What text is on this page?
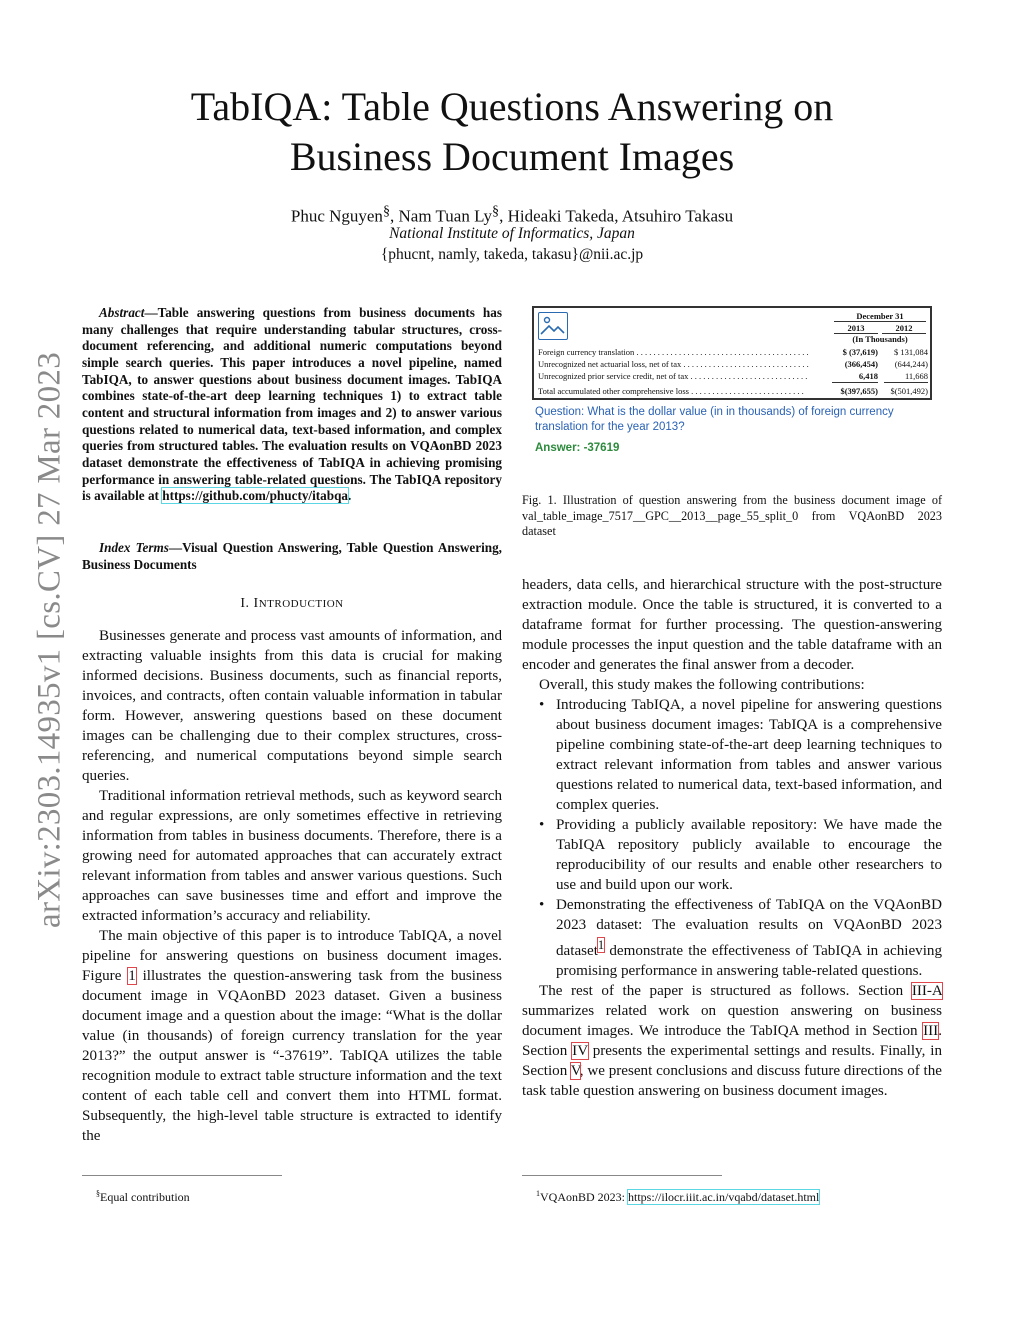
arXiv:2303.14935v1 [cs.CV] 27 Mar 2023
TabIQA: Table Questions Answering on
Business Document Images
Phuc Nguyen§, Nam Tuan Ly§, Hideaki Takeda, Atsuhiro Takasu
National Institute of Informatics, Japan
{phucnt, namly, takeda, takasu}@nii.ac.jp
Abstract—Table answering questions from business documents has many challenges that require understanding tabular structures, cross-document referencing, and additional numeric computations beyond simple search queries. This paper introduces a novel pipeline, named TabIQA, to answer questions about business document images. TabIQA combines state-of-the-art deep learning techniques 1) to extract table content and structural information from images and 2) to answer various questions related to numerical data, text-based information, and complex queries from structured tables. The evaluation results on VQAonBD 2023 dataset demonstrate the effectiveness of TabIQA in achieving promising performance in answering table-related questions. The TabIQA repository is available at https://github.com/phucty/itabqa.
Index Terms—Visual Question Answering, Table Question Answering, Business Documents
I. INTRODUCTION

Businesses generate and process vast amounts of information, and extracting valuable insights from this data is crucial for making informed decisions. Business documents, such as financial reports, invoices, and contracts, often contain valuable information in tabular form. However, answering questions based on these document images can be challenging due to their complex structures, cross-referencing, and numerical computations beyond simple search queries.

Traditional information retrieval methods, such as keyword search and regular expressions, are only sometimes effective in retrieving information from tables in business documents. Therefore, there is a growing need for automated approaches that can accurately extract relevant information from tables and answer various questions. Such approaches can save businesses time and effort and improve the extracted information’s accuracy and reliability.

The main objective of this paper is to introduce TabIQA, a novel pipeline for answering questions on business document images. Figure 1 illustrates the question-answering task from the business document image in VQAonBD 2023 dataset. Given a business document image and a question about the image: “What is the dollar value (in thousands) of foreign currency translation for the year 2013?” the output answer is “-37619”. TabIQA utilizes the table recognition module to extract table structure information and the text content of each table cell and convert them into HTML format. Subsequently, the high-level table structure is extracted to identify the

§Equal contribution
December 31
2013	2012
(In Thousands)
Foreign currency translation . . . . . . . . . . . . . . . . . . . . . . . . . . . . . . . . . . . . . . . . .	$ (37,619)	$ 131,084
Unrecognized net actuarial loss, net of tax . . . . . . . . . . . . . . . . . . . . . . . . . . . . . .	(366,454)	(644,244)
Unrecognized prior service credit, net of tax . . . . . . . . . . . . . . . . . . . . . . . . . . . .	6,418	11,668
Total accumulated other comprehensive loss . . . . . . . . . . . . . . . . . . . . . . . . . . .	$(397,655)	$(501,492)
Question: What is the dollar value (in in thousands) of foreign currency translation for the year 2013?
Answer: -37619
Fig. 1. Illustration of question answering from the business document image of val_table_image_7517__GPC__2013__page_55_split_0 from VQAonBD 2023 dataset

headers, data cells, and hierarchical structure with the post-structure extraction module. Once the table is structured, it is converted to a dataframe format for further processing. The question-answering module processes the input question and the table dataframe with an encoder and generates the final answer from a decoder.

Overall, this study makes the following contributions:

• Introducing TabIQA, a novel pipeline for answering questions about business document images: TabIQA is a comprehensive pipeline combining state-of-the-art deep learning techniques to extract relevant information from tables and answer various questions related to numerical data, text-based information, and complex queries.
• Providing a publicly available repository: We have made the TabIQA repository publicly available to encourage the reproducibility of our results and enable other researchers to use and build upon our work.
• Demonstrating the effectiveness of TabIQA on the VQAonBD 2023 dataset: The evaluation results on VQAonBD 2023 dataset$^1$ demonstrate the effectiveness of TabIQA in achieving promising performance in answering table-related questions.

The rest of the paper is structured as follows. Section III-A summarizes related work on question answering on business document images. We introduce the TabIQA method in Section III. Section IV presents the experimental settings and results. Finally, in Section V, we present conclusions and discuss future directions of the task table question answering on business document images.

$^1$VQAonBD 2023: https://ilocr.iiit.ac.in/vqabd/dataset.html
